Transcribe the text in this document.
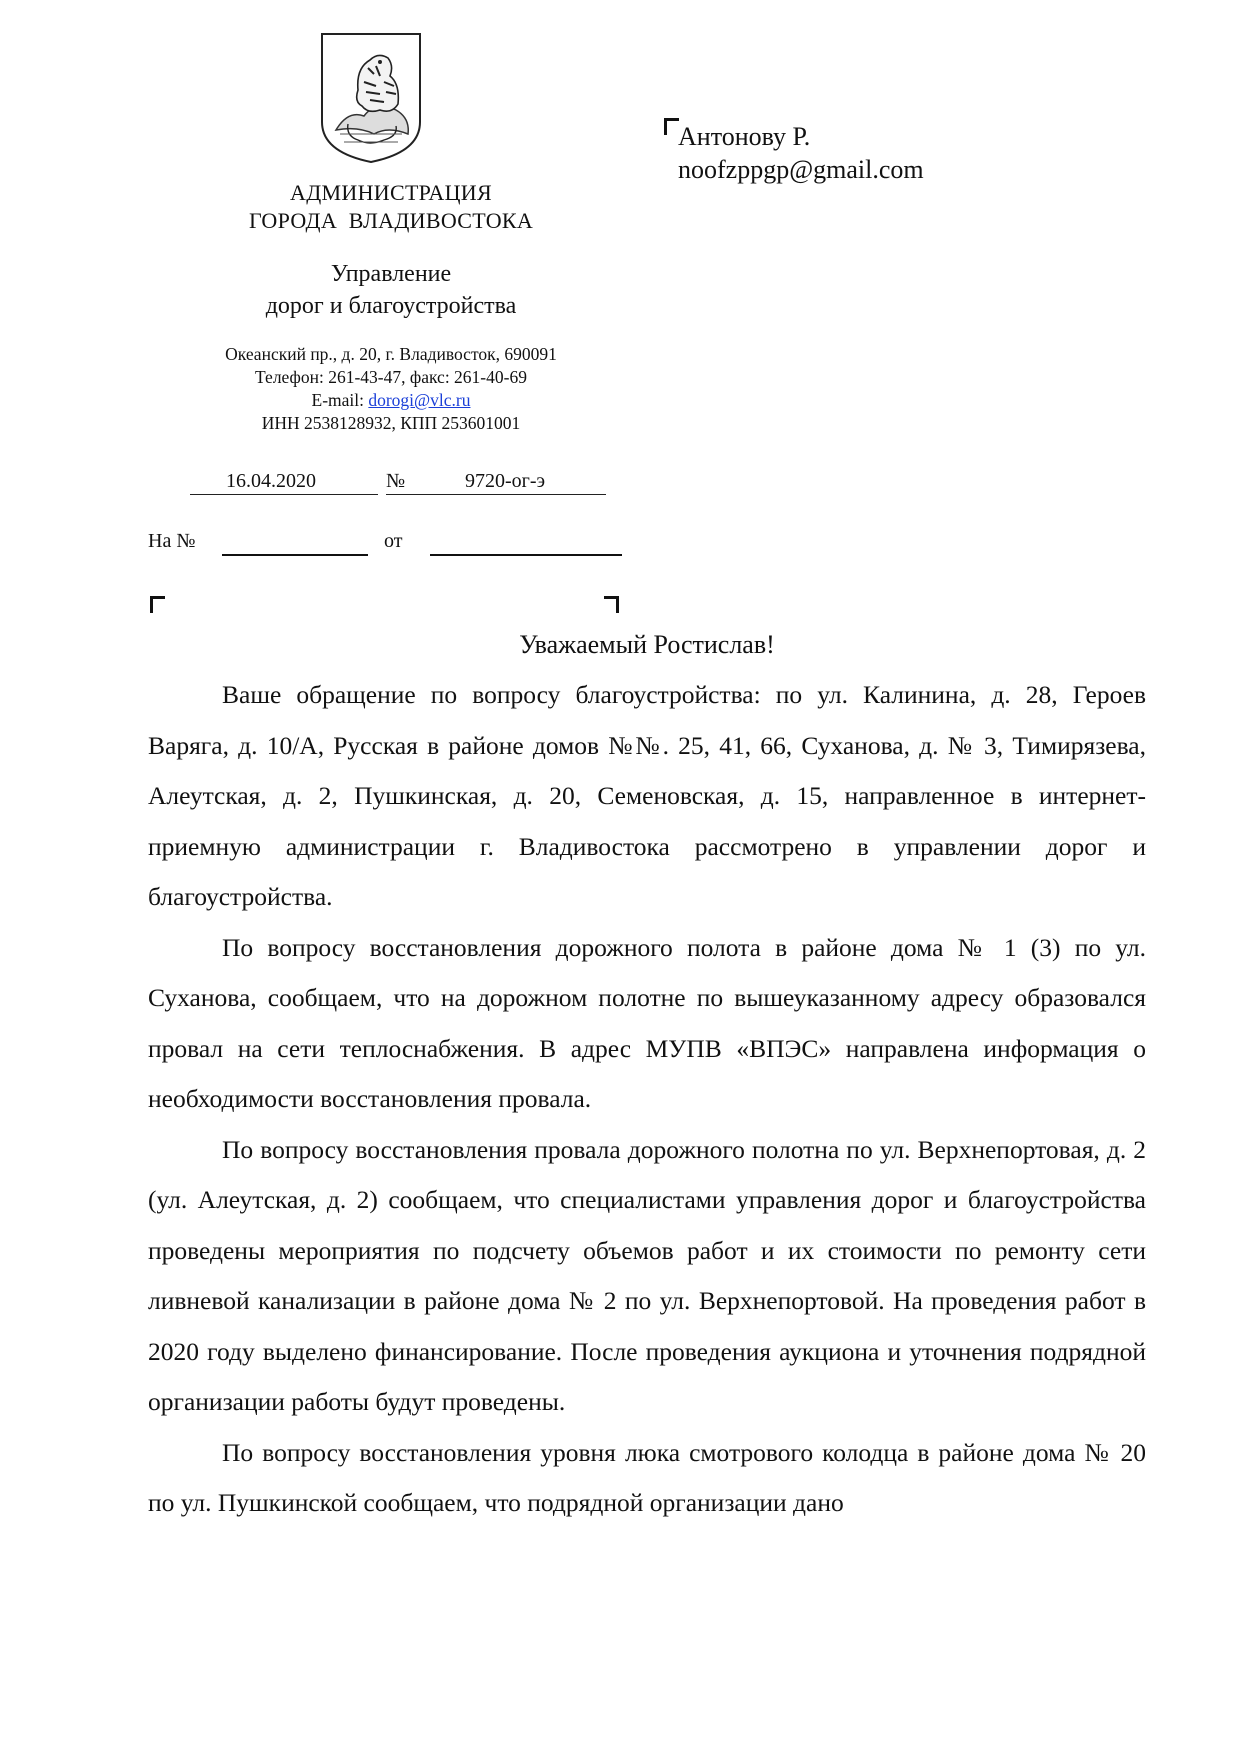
АДМИНИСТРАЦИЯ
ГОРОДА ВЛАДИВОСТОКА
Управление
дорог и благоустройства
Океанский пр., д. 20, г. Владивосток, 690091
Телефон: 261-43-47, факс: 261-40-69
E-mail: dorogi@vlc.ru
ИНН 2538128932, КПП 253601001
16.04.2020	№	9720-ог-э
На №	от
Антонову Р.
noofzppgp@gmail.com
Уважаемый Ростислав!

Ваше обращение по вопросу благоустройства: по ул. Калинина, д. 28, Героев Варяга, д. 10/А, Русская в районе домов №№. 25, 41, 66, Суханова, д. № 3, Тимирязева, Алеутская, д. 2, Пушкинская, д. 20, Семеновская, д. 15, направленное в интернет-приемную администрации г. Владивостока рассмотрено в управлении дорог и благоустройства.

По вопросу восстановления дорожного полота в районе дома № 1 (3) по ул. Суханова, сообщаем, что на дорожном полотне по вышеуказанному адресу образовался провал на сети теплоснабжения. В адрес МУПВ «ВПЭС» направлена информация о необходимости восстановления провала.

По вопросу восстановления провала дорожного полотна по ул. Верхнепортовая, д. 2 (ул. Алеутская, д. 2) сообщаем, что специалистами управления дорог и благоустройства проведены мероприятия по подсчету объемов работ и их стоимости по ремонту сети ливневой канализации в районе дома № 2 по ул. Верхнепортовой. На проведения работ в 2020 году выделено финансирование. После проведения аукциона и уточнения подрядной организации работы будут проведены.

По вопросу восстановления уровня люка смотрового колодца в районе дома № 20 по ул. Пушкинской сообщаем, что подрядной организации дано
